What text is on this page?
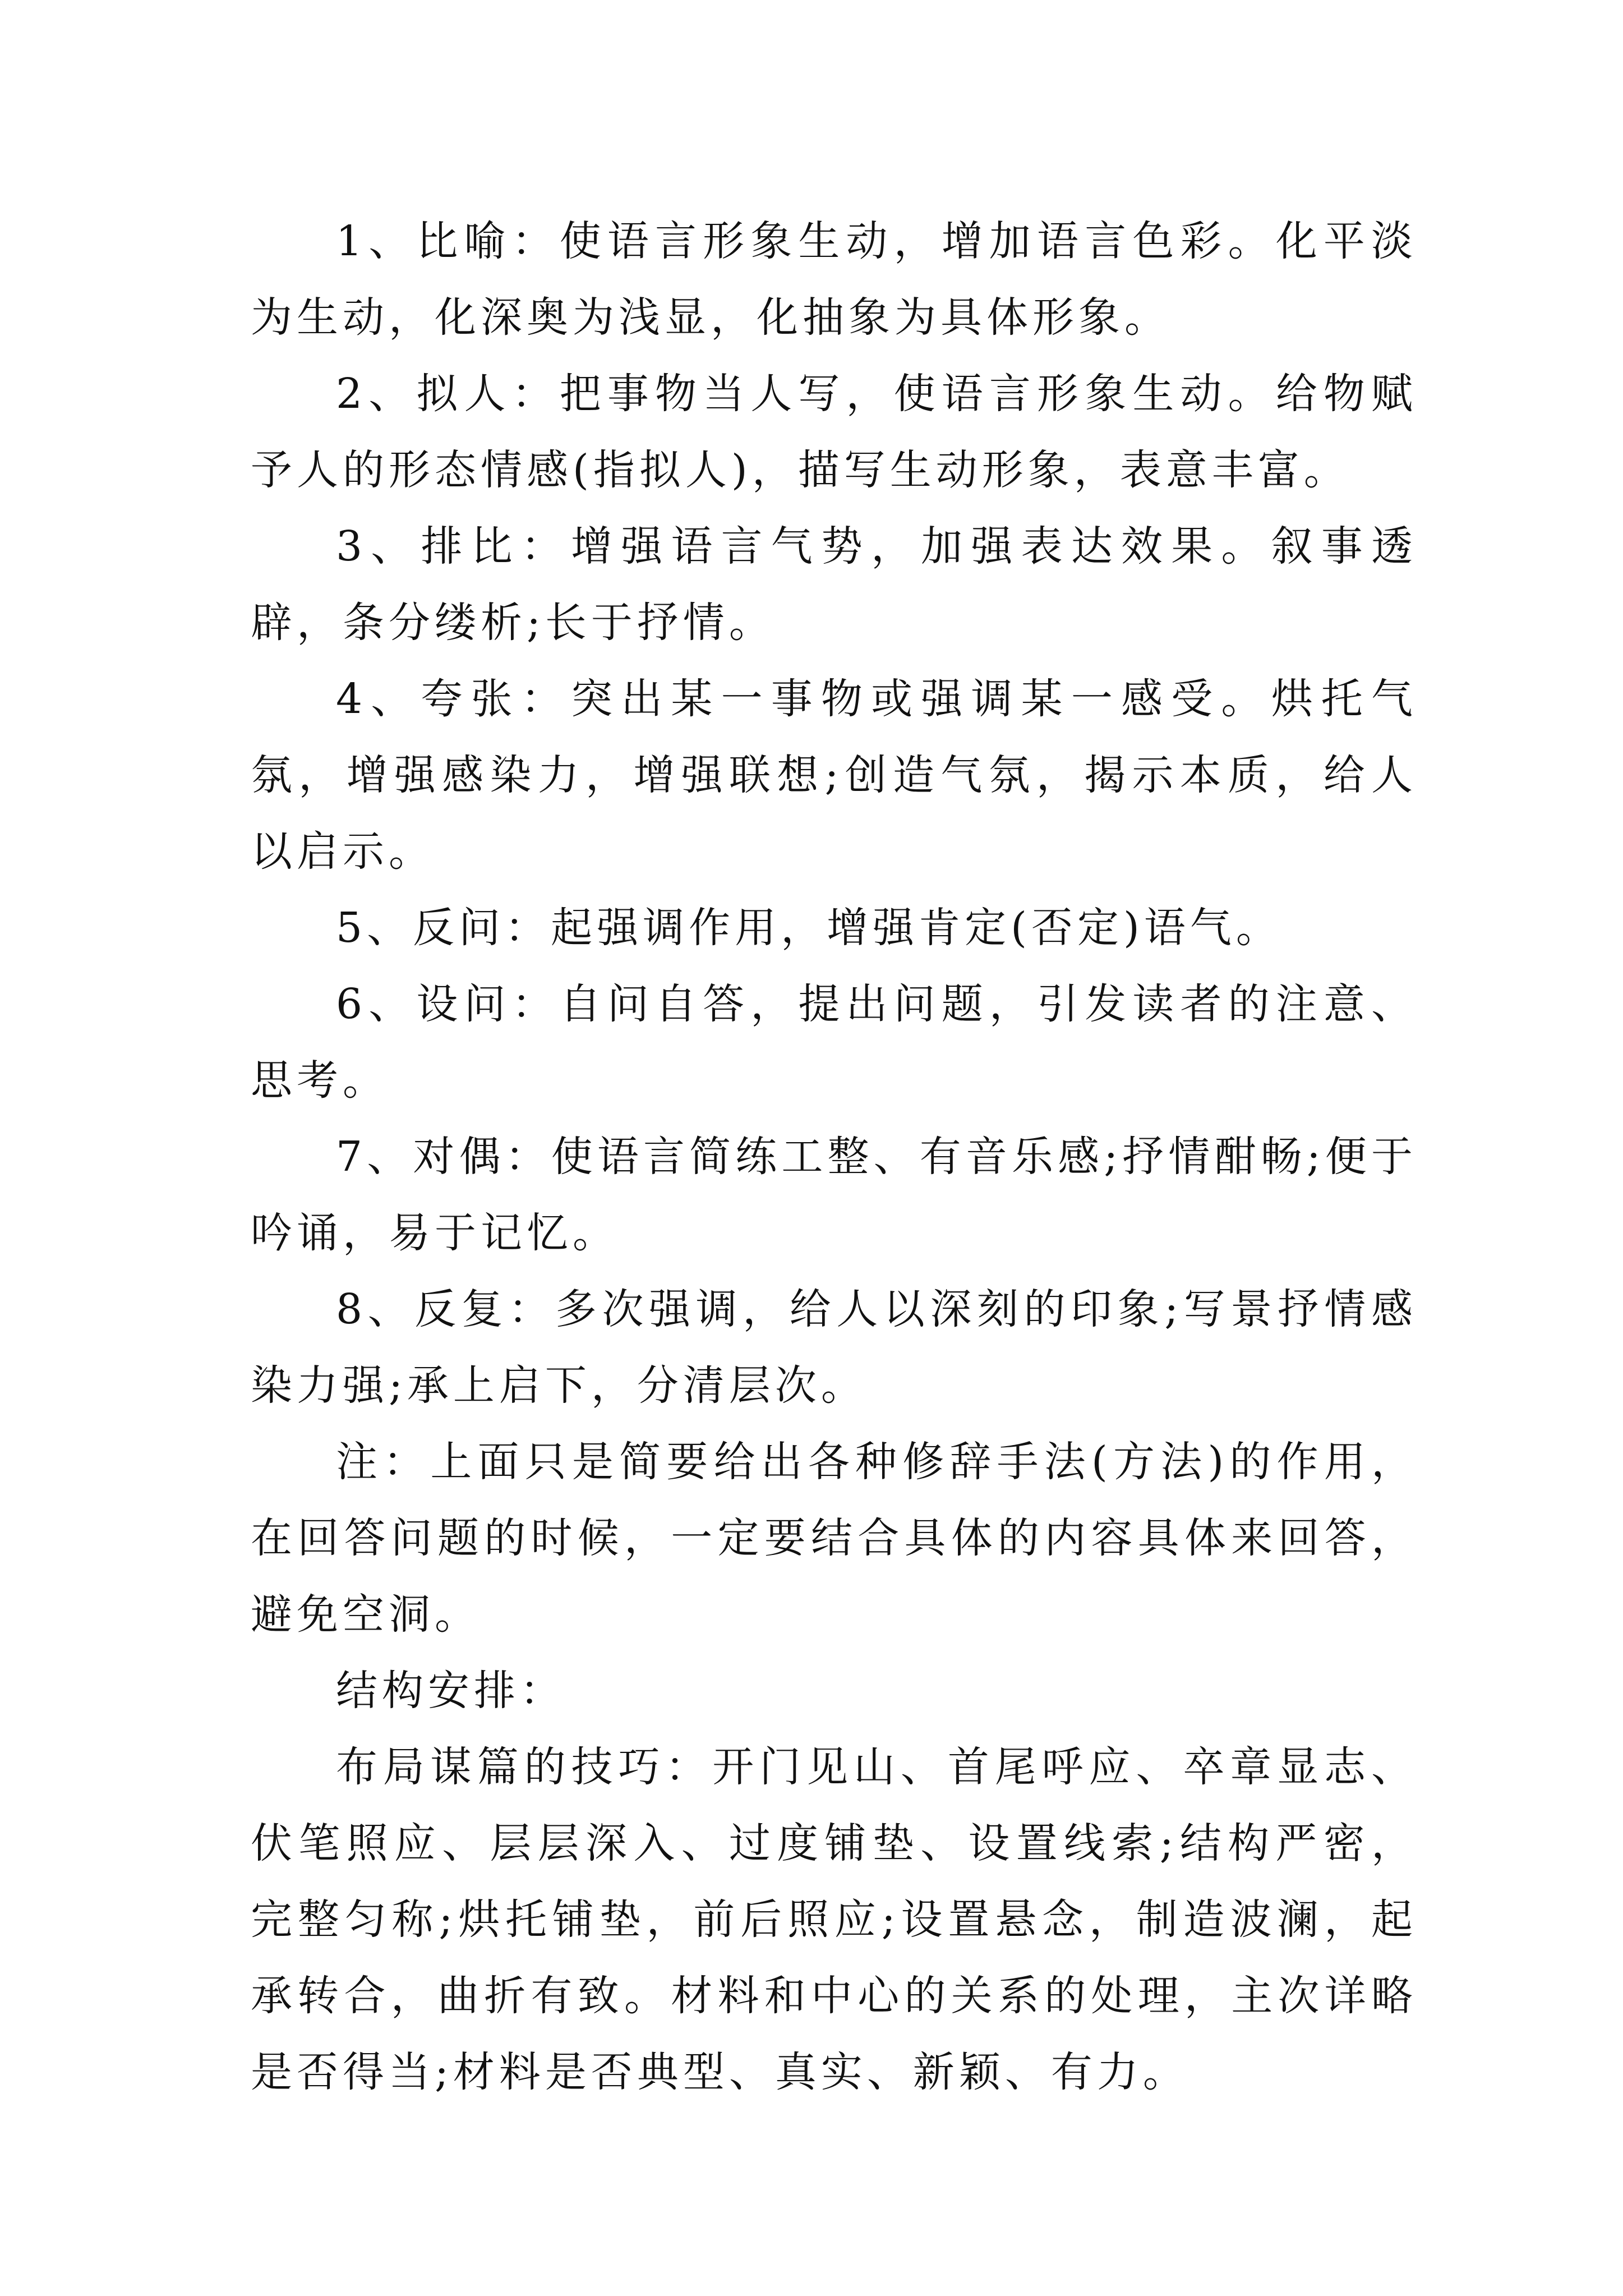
1、比喻：使语言形象生动，增加语言色彩。化平淡为生动，化深奥为浅显，化抽象为具体形象。

2、拟人：把事物当人写，使语言形象生动。给物赋予人的形态情感(指拟人)，描写生动形象，表意丰富。

3、排比：增强语言气势，加强表达效果。叙事透辟，条分缕析;长于抒情。

4、夸张：突出某一事物或强调某一感受。烘托气氛，增强感染力，增强联想;创造气氛，揭示本质，给人以启示。

5、反问：起强调作用，增强肯定(否定)语气。

6、设问：自问自答，提出问题，引发读者的注意、思考。

7、对偶：使语言简练工整、有音乐感;抒情酣畅;便于吟诵，易于记忆。

8、反复：多次强调，给人以深刻的印象;写景抒情感染力强;承上启下，分清层次。

注：上面只是简要给出各种修辞手法(方法)的作用，在回答问题的时候，一定要结合具体的内容具体来回答，避免空洞。

结构安排：

布局谋篇的技巧：开门见山、首尾呼应、卒章显志、伏笔照应、层层深入、过度铺垫、设置线索;结构严密，完整匀称;烘托铺垫，前后照应;设置悬念，制造波澜，起承转合，曲折有致。材料和中心的关系的处理，主次详略是否得当;材料是否典型、真实、新颖、有力。
